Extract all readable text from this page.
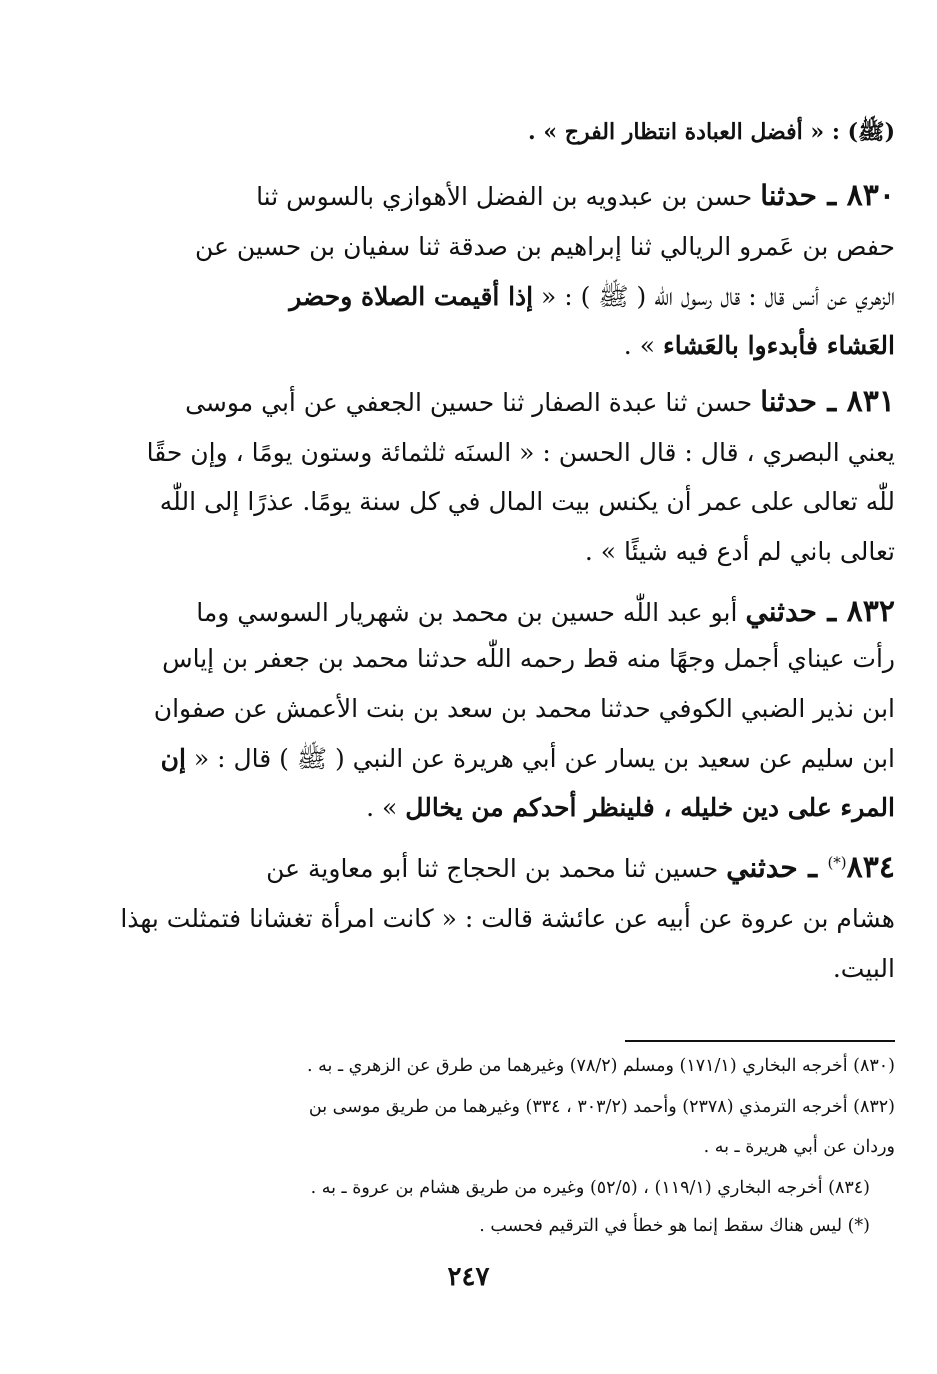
(ﷺ) : « أفضل العبادة انتظار الفرج » .
٨٣٠ ـ حدثنا حسن بن عبدويه بن الفضل الأهوازي بالسوس ثنا
حفص بن عَمرو الريالي ثنا إبراهيم بن صدقة ثنا سفيان بن حسين عن
الزهري عن أنس قال : قال رسول اللّٰه ( ﷺ ) : « إذا أقيمت الصلاة وحضر
العَشاء فأبدءوا بالعَشاء » .
٨٣١ ـ حدثنا حسن ثنا عبدة الصفار ثنا حسين الجعفي عن أبي موسى
يعني البصري ، قال : قال الحسن : « السنَه ثلثمائة وستون يومًا ، وإن حقًا
للّٰه تعالى على عمر أن يكنس بيت المال في كل سنة يومًا. عذرًا إلى اللّٰه
تعالى باني لم أدع فيه شيئًا » .
٨٣٢ ـ حدثني أبو عبد اللّٰه حسين بن محمد بن شهريار السوسي وما
رأت عيناي أجمل وجهًا منه قط رحمه اللّٰه حدثنا محمد بن جعفر بن إياس
ابن نذير الضبي الكوفي حدثنا محمد بن سعد بن بنت الأعمش عن صفوان
ابن سليم عن سعيد بن يسار عن أبي هريرة عن النبي ( ﷺ ) قال : « إن
المرء على دين خليله ، فلينظر أحدكم من يخالل » .
٨٣٤(*) ـ حدثني حسين ثنا محمد بن الحجاج ثنا أبو معاوية عن
هشام بن عروة عن أبيه عن عائشة قالت : « كانت امرأة تغشانا فتمثلت بهذا
البيت.
(٨٣٠) أخرجه البخاري (١٧١/١) ومسلم (٧٨/٢) وغيرهما من طرق عن الزهري ـ به .
(٨٣٢) أخرجه الترمذي (٢٣٧٨) وأحمد (٣٠٣/٢ ، ٣٣٤) وغيرهما من طريق موسى بن
وردان عن أبي هريرة ـ به .
(٨٣٤) أخرجه البخاري (١١٩/١) ، (٥٢/٥) وغيره من طريق هشام بن عروة ـ به .
(*) ليس هناك سقط إنما هو خطأ في الترقيم فحسب .
٢٤٧
